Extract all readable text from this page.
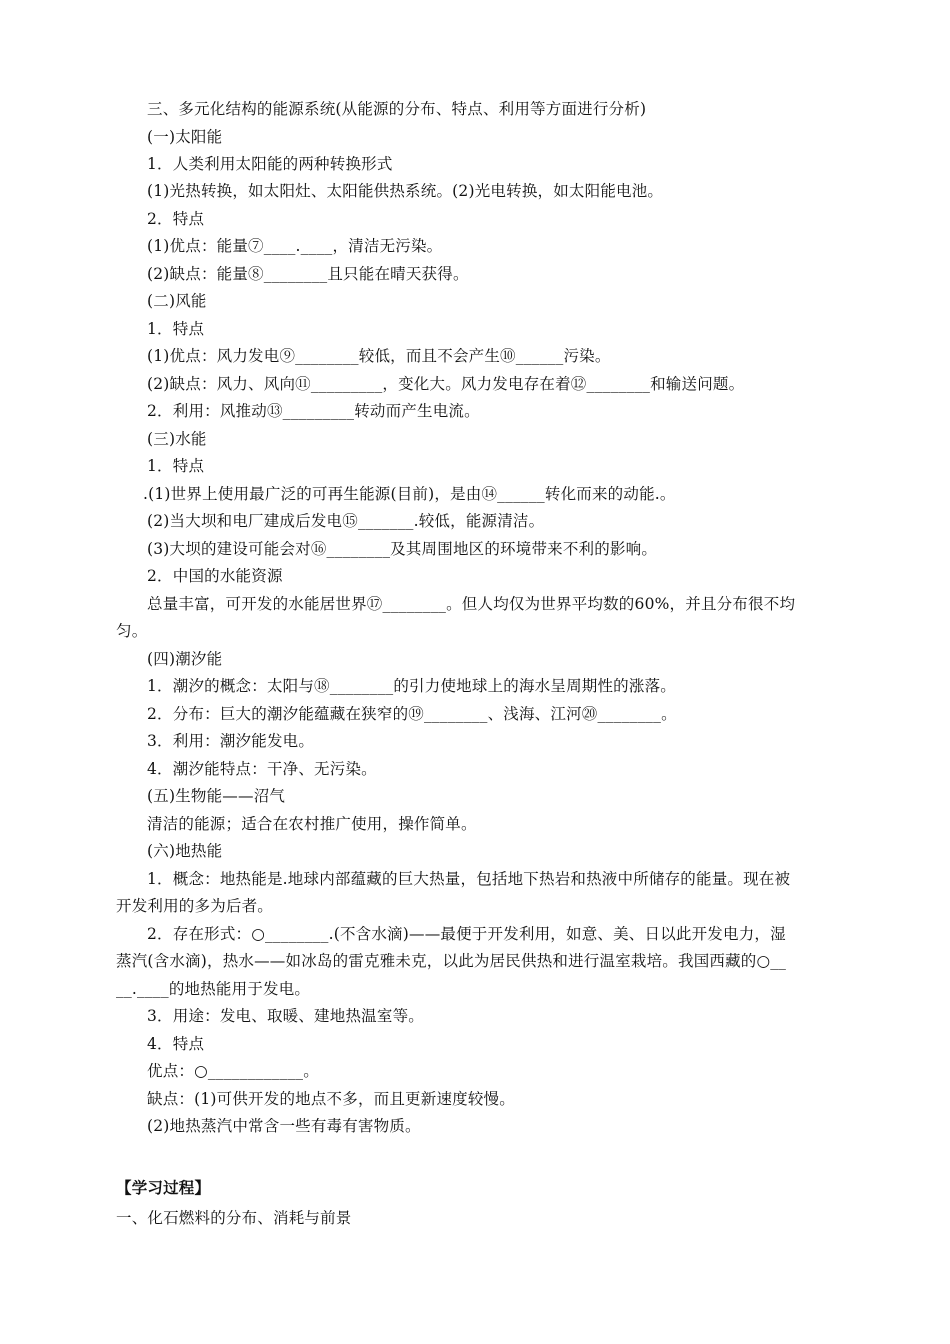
三、多元化结构的能源系统(从能源的分布、特点、利用等方面进行分析)
(一)太阳能
1．人类利用太阳能的两种转换形式
(1)光热转换，如太阳灶、太阳能供热系统。(2)光电转换，如太阳能电池。
2．特点
(1)优点：能量⑦____.____，清洁无污染。
(2)缺点：能量⑧________且只能在晴天获得。
(二)风能
1．特点
(1)优点：风力发电⑨________较低，而且不会产生⑩______污染。
(2)缺点：风力、风向⑪_________，变化大。风力发电存在着⑫________和输送问题。
2．利用：风推动⑬_________转动而产生电流。
(三)水能
1．特点
.(1)世界上使用最广泛的可再生能源(目前)，是由⑭______转化而来的动能.。
(2)当大坝和电厂建成后发电⑮_______.较低，能源清洁。
(3)大坝的建设可能会对⑯________及其周围地区的环境带来不利的影响。
2．中国的水能资源
总量丰富，可开发的水能居世界⑰________。但人均仅为世界平均数的60%，并且分布很不均
匀。
(四)潮汐能
1．潮汐的概念：太阳与⑱________的引力使地球上的海水呈周期性的涨落。
2．分布：巨大的潮汐能蕴藏在狭窄的⑲________、浅海、江河⑳________。
3．利用：潮汐能发电。
4．潮汐能特点：干净、无污染。
(五)生物能——沼气
清洁的能源；适合在农村推广使用，操作简单。
(六)地热能
1．概念：地热能是.地球内部蕴藏的巨大热量，包括地下热岩和热液中所储存的能量。现在被
开发利用的多为后者。
2．存在形式：○________.(不含水滴)——最便于开发利用，如意、美、日以此开发电力，湿
蒸汽(含水滴)，热水——如冰岛的雷克雅未克，以此为居民供热和进行温室栽培。我国西藏的○__
__.____的地热能用于发电。
3．用途：发电、取暖、建地热温室等。
4．特点
优点：○____________。
缺点：(1)可供开发的地点不多，而且更新速度较慢。
(2)地热蒸汽中常含一些有毒有害物质。
【学习过程】
一、化石燃料的分布、消耗与前景
